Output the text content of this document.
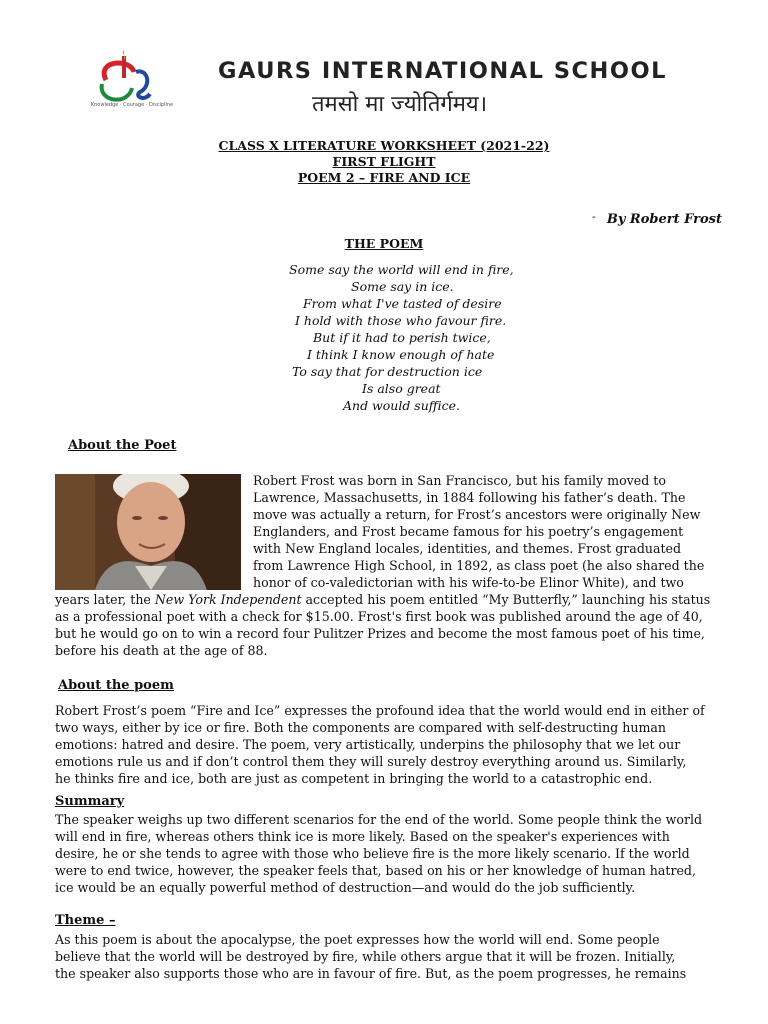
Knowledge · Courage · Discipline
GAURS INTERNATIONAL SCHOOL
तमसो मा ज्योतिर्गमय।
CLASS X LITERATURE WORKSHEET (2021-22)
FIRST FLIGHT
POEM 2 – FIRE AND ICE
- By Robert Frost
THE POEM
Some say the world will end in fire,
Some say in ice.
From what I've tasted of desire
I hold with those who favour fire.
But if it had to perish twice,
I think I know enough of hate
To say that for destruction ice
Is also great
And would suffice.
About the Poet
Robert Frost was born in San Francisco, but his family moved to
Lawrence, Massachusetts, in 1884 following his father’s death. The
move was actually a return, for Frost’s ancestors were originally New
Englanders, and Frost became famous for his poetry’s engagement
with New England locales, identities, and themes. Frost graduated
from Lawrence High School, in 1892, as class poet (he also shared the
honor of co-valedictorian with his wife-to-be Elinor White), and two
years later, the New York Independent accepted his poem entitled “My Butterfly,” launching his status
as a professional poet with a check for $15.00. Frost's first book was published around the age of 40,
but he would go on to win a record four Pulitzer Prizes and become the most famous poet of his time,
before his death at the age of 88.
About the poem
Robert Frost’s poem “Fire and Ice” expresses the profound idea that the world would end in either of
two ways, either by ice or fire. Both the components are compared with self-destructing human
emotions: hatred and desire. The poem, very artistically, underpins the philosophy that we let our
emotions rule us and if don’t control them they will surely destroy everything around us. Similarly,
he thinks fire and ice, both are just as competent in bringing the world to a catastrophic end.
Summary
The speaker weighs up two different scenarios for the end of the world. Some people think the world
will end in fire, whereas others think ice is more likely. Based on the speaker's experiences with
desire, he or she tends to agree with those who believe fire is the more likely scenario. If the world
were to end twice, however, the speaker feels that, based on his or her knowledge of human hatred,
ice would be an equally powerful method of destruction—and would do the job sufficiently.
Theme –
As this poem is about the apocalypse, the poet expresses how the world will end. Some people
believe that the world will be destroyed by fire, while others argue that it will be frozen. Initially,
the speaker also supports those who are in favour of fire. But, as the poem progresses, he remains
